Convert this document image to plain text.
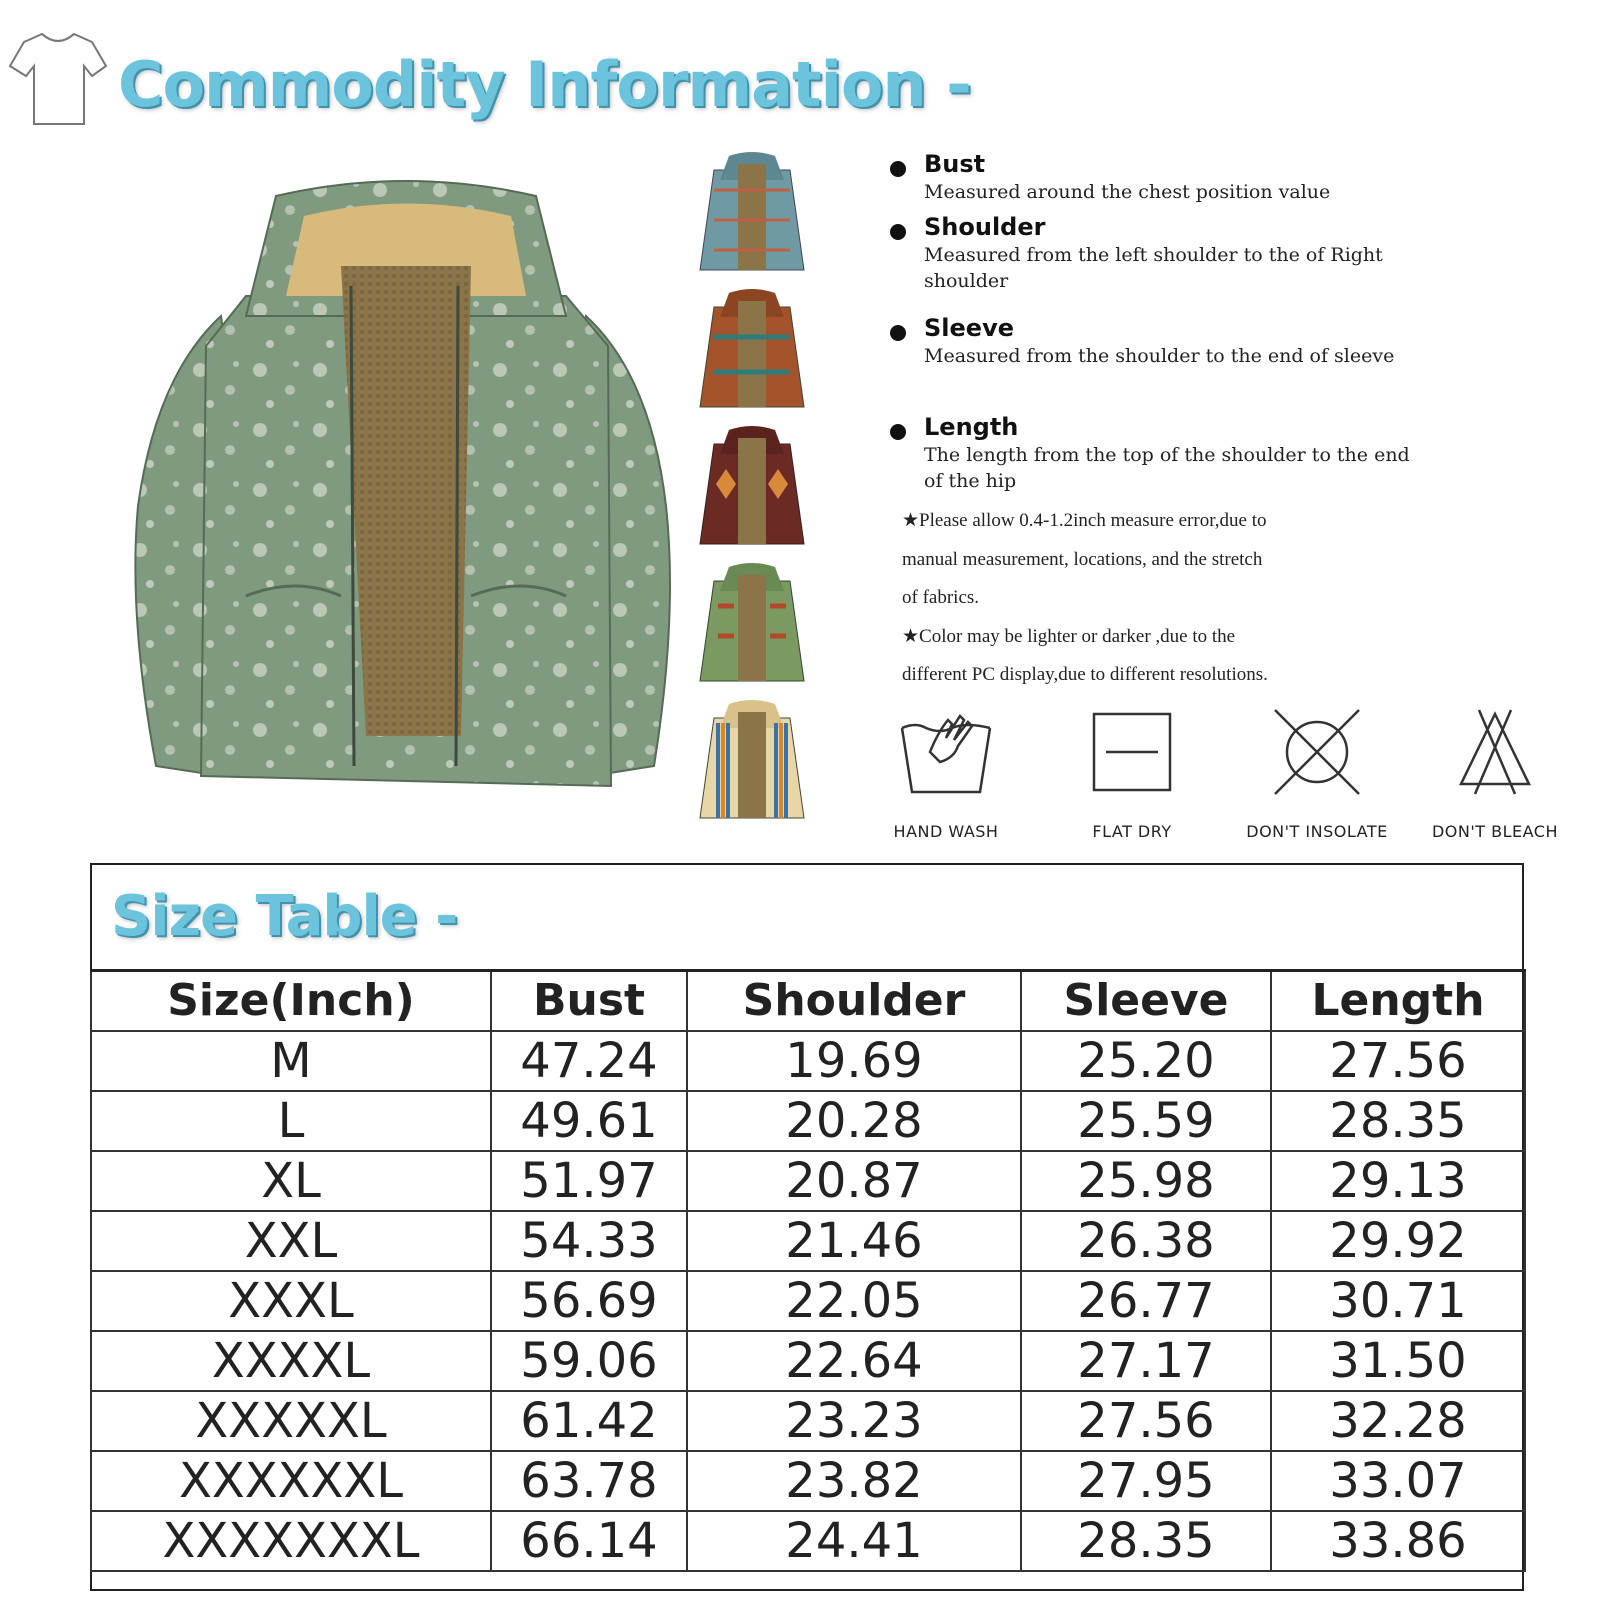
Commodity Information -
Bust
Measured around the chest position value
Shoulder
Measured from the left shoulder to the of Right shoulder
Sleeve
Measured from the shoulder to the end of sleeve
Length
The length from the top of the shoulder to the end of the hip

★Please allow 0.4-1.2inch measure error,due to

manual measurement, locations, and the stretch

of fabrics.

★Color may be lighter or darker ,due to the

different PC display,due to different resolutions.

HAND WASH	FLAT DRY	DON'T INSOLATE	DON'T BLEACH
Size Table -
Size(Inch)	Bust	Shoulder	Sleeve	Length
M	47.24	19.69	25.20	27.56
L	49.61	20.28	25.59	28.35
XL	51.97	20.87	25.98	29.13
XXL	54.33	21.46	26.38	29.92
XXXL	56.69	22.05	26.77	30.71
XXXXL	59.06	22.64	27.17	31.50
XXXXXL	61.42	23.23	27.56	32.28
XXXXXXL	63.78	23.82	27.95	33.07
XXXXXXXL	66.14	24.41	28.35	33.86
